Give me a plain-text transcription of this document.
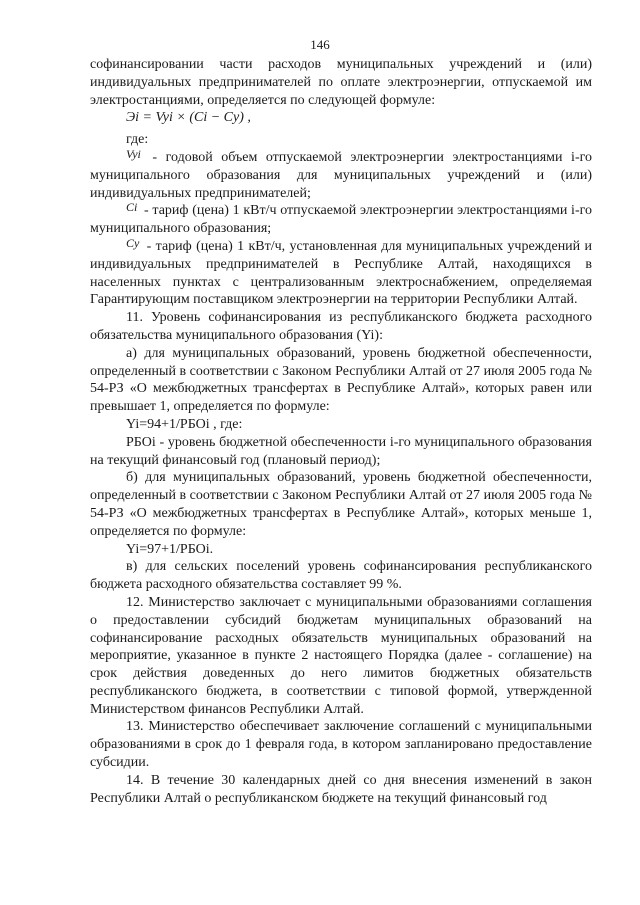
146

софинансировании части расходов муниципальных учреждений и (или) индивидуальных предпринимателей по оплате электроэнергии, отпускаемой им электростанциями, определяется по следующей формуле:

Эi = Vyi × (Ci − Cy) ,

где:

Vyi - годовой объем отпускаемой электроэнергии электростанциями i-го муниципального образования для муниципальных учреждений и (или) индивидуальных предпринимателей;

Ci - тариф (цена) 1 кВт/ч отпускаемой электроэнергии электростанциями i-го муниципального образования;

Cy - тариф (цена) 1 кВт/ч, установленная для муниципальных учреждений и индивидуальных предпринимателей в Республике Алтай, находящихся в населенных пунктах с централизованным электроснабжением, определяемая Гарантирующим поставщиком электроэнергии на территории Республики Алтай.

11. Уровень софинансирования из республиканского бюджета расходного обязательства муниципального образования (Yi):

а) для муниципальных образований, уровень бюджетной обеспеченности, определенный в соответствии с Законом Республики Алтай от 27 июля 2005 года № 54-РЗ «О межбюджетных трансфертах в Республике Алтай», которых равен или превышает 1, определяется по формуле:

Yi=94+1/РБОi , где:

РБОi - уровень бюджетной обеспеченности i-го муниципального образования на текущий финансовый год (плановый период);

б) для муниципальных образований, уровень бюджетной обеспеченности, определенный в соответствии с Законом Республики Алтай от 27 июля 2005 года № 54-РЗ «О межбюджетных трансфертах в Республике Алтай», которых меньше 1, определяется по формуле:

Yi=97+1/РБОi.

в) для сельских поселений уровень софинансирования республиканского бюджета расходного обязательства составляет 99 %.

12. Министерство заключает с муниципальными образованиями соглашения о предоставлении субсидий бюджетам муниципальных образований на софинансирование расходных обязательств муниципальных образований на мероприятие, указанное в пункте 2 настоящего Порядка (далее - соглашение) на срок действия доведенных до него лимитов бюджетных обязательств республиканского бюджета, в соответствии с типовой формой, утвержденной Министерством финансов Республики Алтай.

13. Министерство обеспечивает заключение соглашений с муниципальными образованиями в срок до 1 февраля года, в котором запланировано предоставление субсидии.

14. В течение 30 календарных дней со дня внесения изменений в закон Республики Алтай о республиканском бюджете на текущий финансовый год
